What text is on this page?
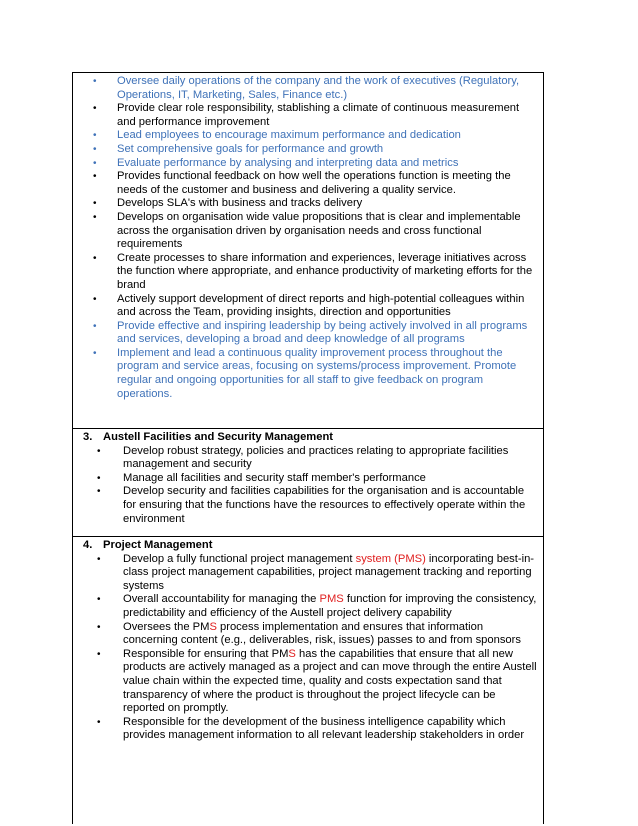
• Oversee daily operations of the company and the work of executives (Regulatory, Operations, IT, Marketing, Sales, Finance etc.)
• Provide clear role responsibility, stablishing a climate of continuous measurement and performance improvement
• Lead employees to encourage maximum performance and dedication
• Set comprehensive goals for performance and growth
• Evaluate performance by analysing and interpreting data and metrics
• Provides functional feedback on how well the operations function is meeting the needs of the customer and business and delivering a quality service.
• Develops SLA's with business and tracks delivery
• Develops on organisation wide value propositions that is clear and implementable across the organisation driven by organisation needs and cross functional requirements
• Create processes to share information and experiences, leverage initiatives across the function where appropriate, and enhance productivity of marketing efforts for the brand
• Actively support development of direct reports and high-potential colleagues within and across the Team, providing insights, direction and opportunities
• Provide effective and inspiring leadership by being actively involved in all programs and services, developing a broad and deep knowledge of all programs
• Implement and lead a continuous quality improvement process throughout the program and service areas, focusing on systems/process improvement. Promote regular and ongoing opportunities for all staff to give feedback on program operations.
3. Austell Facilities and Security Management
• Develop robust strategy, policies and practices relating to appropriate facilities management and security
• Manage all facilities and security staff member's performance
• Develop security and facilities capabilities for the organisation and is accountable for ensuring that the functions have the resources to effectively operate within the environment
4. Project Management
• Develop a fully functional project management system (PMS) incorporating best-in-class project management capabilities, project management tracking and reporting systems
• Overall accountability for managing the PMS function for improving the consistency, predictability and efficiency of the Austell project delivery capability
• Oversees the PMS process implementation and ensures that information concerning content (e.g., deliverables, risk, issues) passes to and from sponsors
• Responsible for ensuring that PMS has the capabilities that ensure that all new products are actively managed as a project and can move through the entire Austell value chain within the expected time, quality and costs expectation sand that transparency of where the product is throughout the project lifecycle can be reported on promptly.
• Responsible for the development of the business intelligence capability which provides management information to all relevant leadership stakeholders in order
